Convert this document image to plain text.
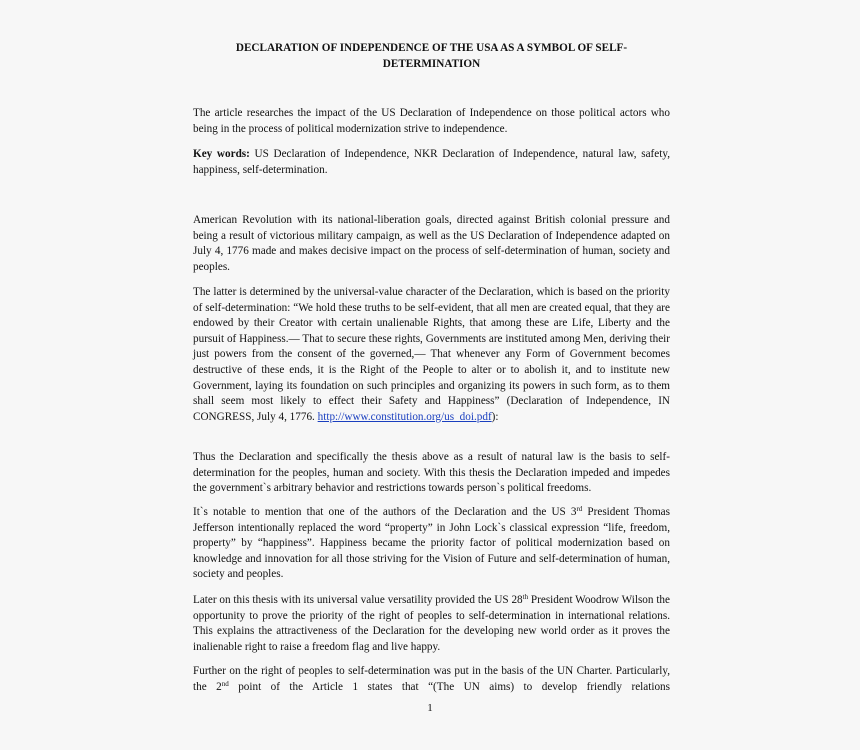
DECLARATION OF INDEPENDENCE OF THE USA AS A SYMBOL OF SELF-DETERMINATION

The article researches the impact of the US Declaration of Independence on those political actors who being in the process of political modernization strive to independence.

Key words: US Declaration of Independence, NKR Declaration of Independence, natural law, safety, happiness, self-determination.

American Revolution with its national-liberation goals, directed against British colonial pressure and being a result of victorious military campaign, as well as the US Declaration of Independence adapted on July 4, 1776 made and makes decisive impact on the process of self-determination of human, society and peoples.

The latter is determined by the universal-value character of the Declaration, which is based on the priority of self-determination: “We hold these truths to be self-evident, that all men are created equal, that they are endowed by their Creator with certain unalienable Rights, that among these are Life, Liberty and the pursuit of Happiness.— That to secure these rights, Governments are instituted among Men, deriving their just powers from the consent of the governed,— That whenever any Form of Government becomes destructive of these ends, it is the Right of the People to alter or to abolish it, and to institute new Government, laying its foundation on such principles and organizing its powers in such form, as to them shall seem most likely to effect their Safety and Happiness” (Declaration of Independence, IN CONGRESS, July 4, 1776. http://www.constitution.org/us_doi.pdf):

Thus the Declaration and specifically the thesis above as a result of natural law is the basis to self-determination for the peoples, human and society. With this thesis the Declaration impeded and impedes the government`s arbitrary behavior and restrictions towards person`s political freedoms.

It`s notable to mention that one of the authors of the Declaration and the US 3rd President Thomas Jefferson intentionally replaced the word “property” in John Lock`s classical expression “life, freedom, property” by “happiness”. Happiness became the priority factor of political modernization based on knowledge and innovation for all those striving for the Vision of Future and self-determination of human, society and peoples.

Later on this thesis with its universal value versatility provided the US 28th President Woodrow Wilson the opportunity to prove the priority of the right of peoples to self-determination in international relations. This explains the attractiveness of the Declaration for the developing new world order as it proves the inalienable right to raise a freedom flag and live happy.

Further on the right of peoples to self-determination was put in the basis of the UN Charter. Particularly, the 2nd point of the Article 1 states that “(The UN aims) to develop friendly relations

1
